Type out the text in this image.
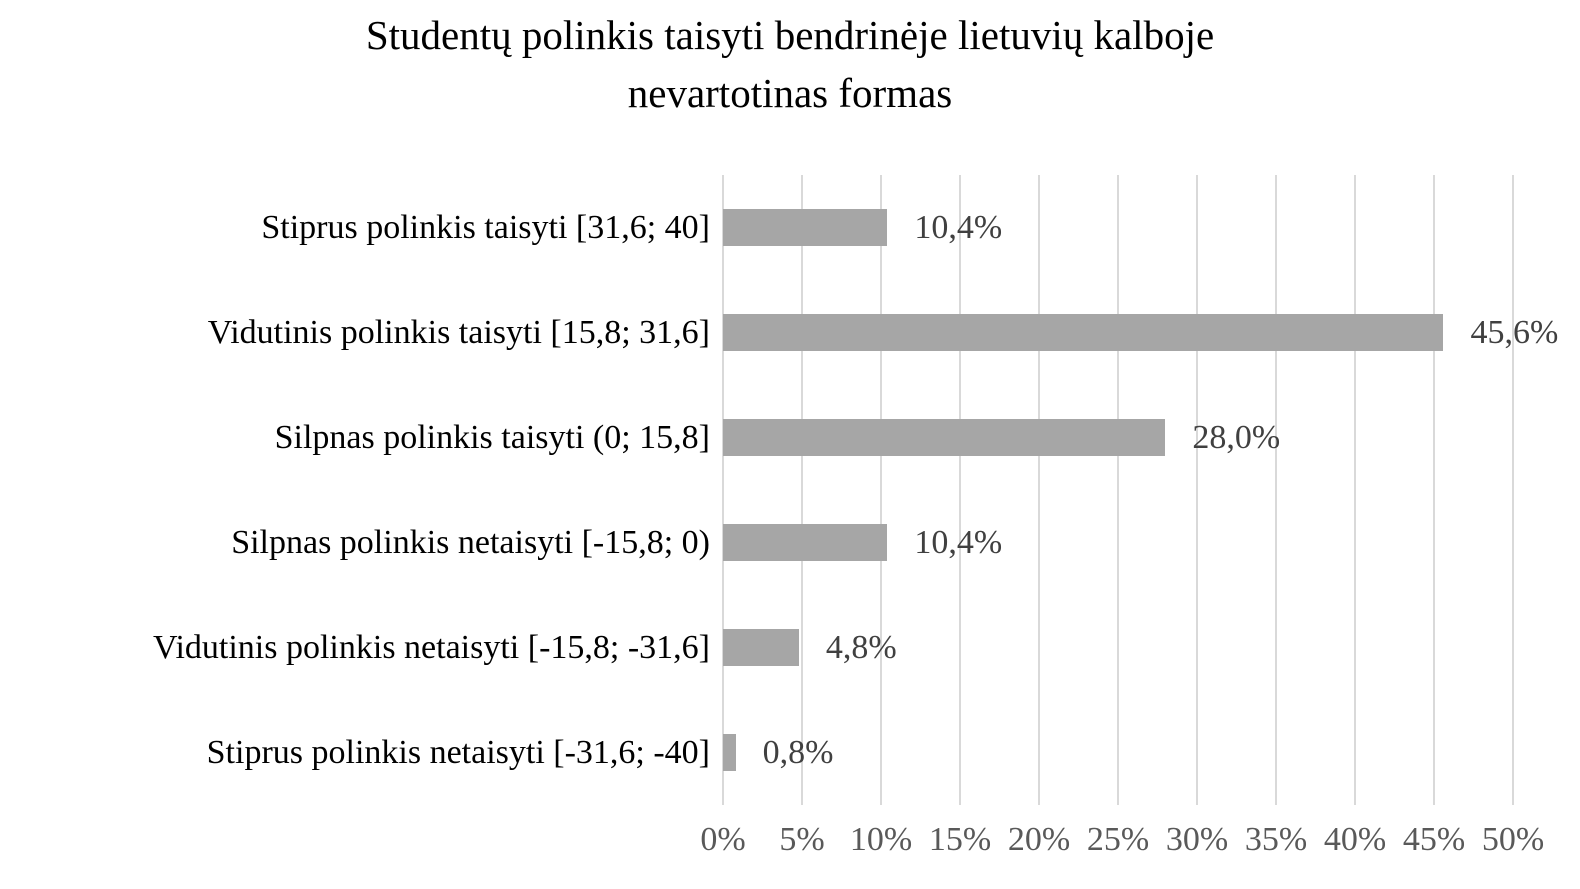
Studentų polinkis taisyti bendrinėje lietuvių kalboje
nevartotinas formas
Stiprus polinkis taisyti [31,6; 40]	10,4%
Vidutinis polinkis taisyti [15,8; 31,6]	45,6%
Silpnas polinkis taisyti (0; 15,8]	28,0%
Silpnas polinkis netaisyti [-15,8; 0)	10,4%
Vidutinis polinkis netaisyti [-15,8; -31,6]	4,8%
Stiprus polinkis netaisyti [-31,6; -40] 0,8%
0% 5% 10% 15% 20% 25% 30% 35% 40% 45% 50%
